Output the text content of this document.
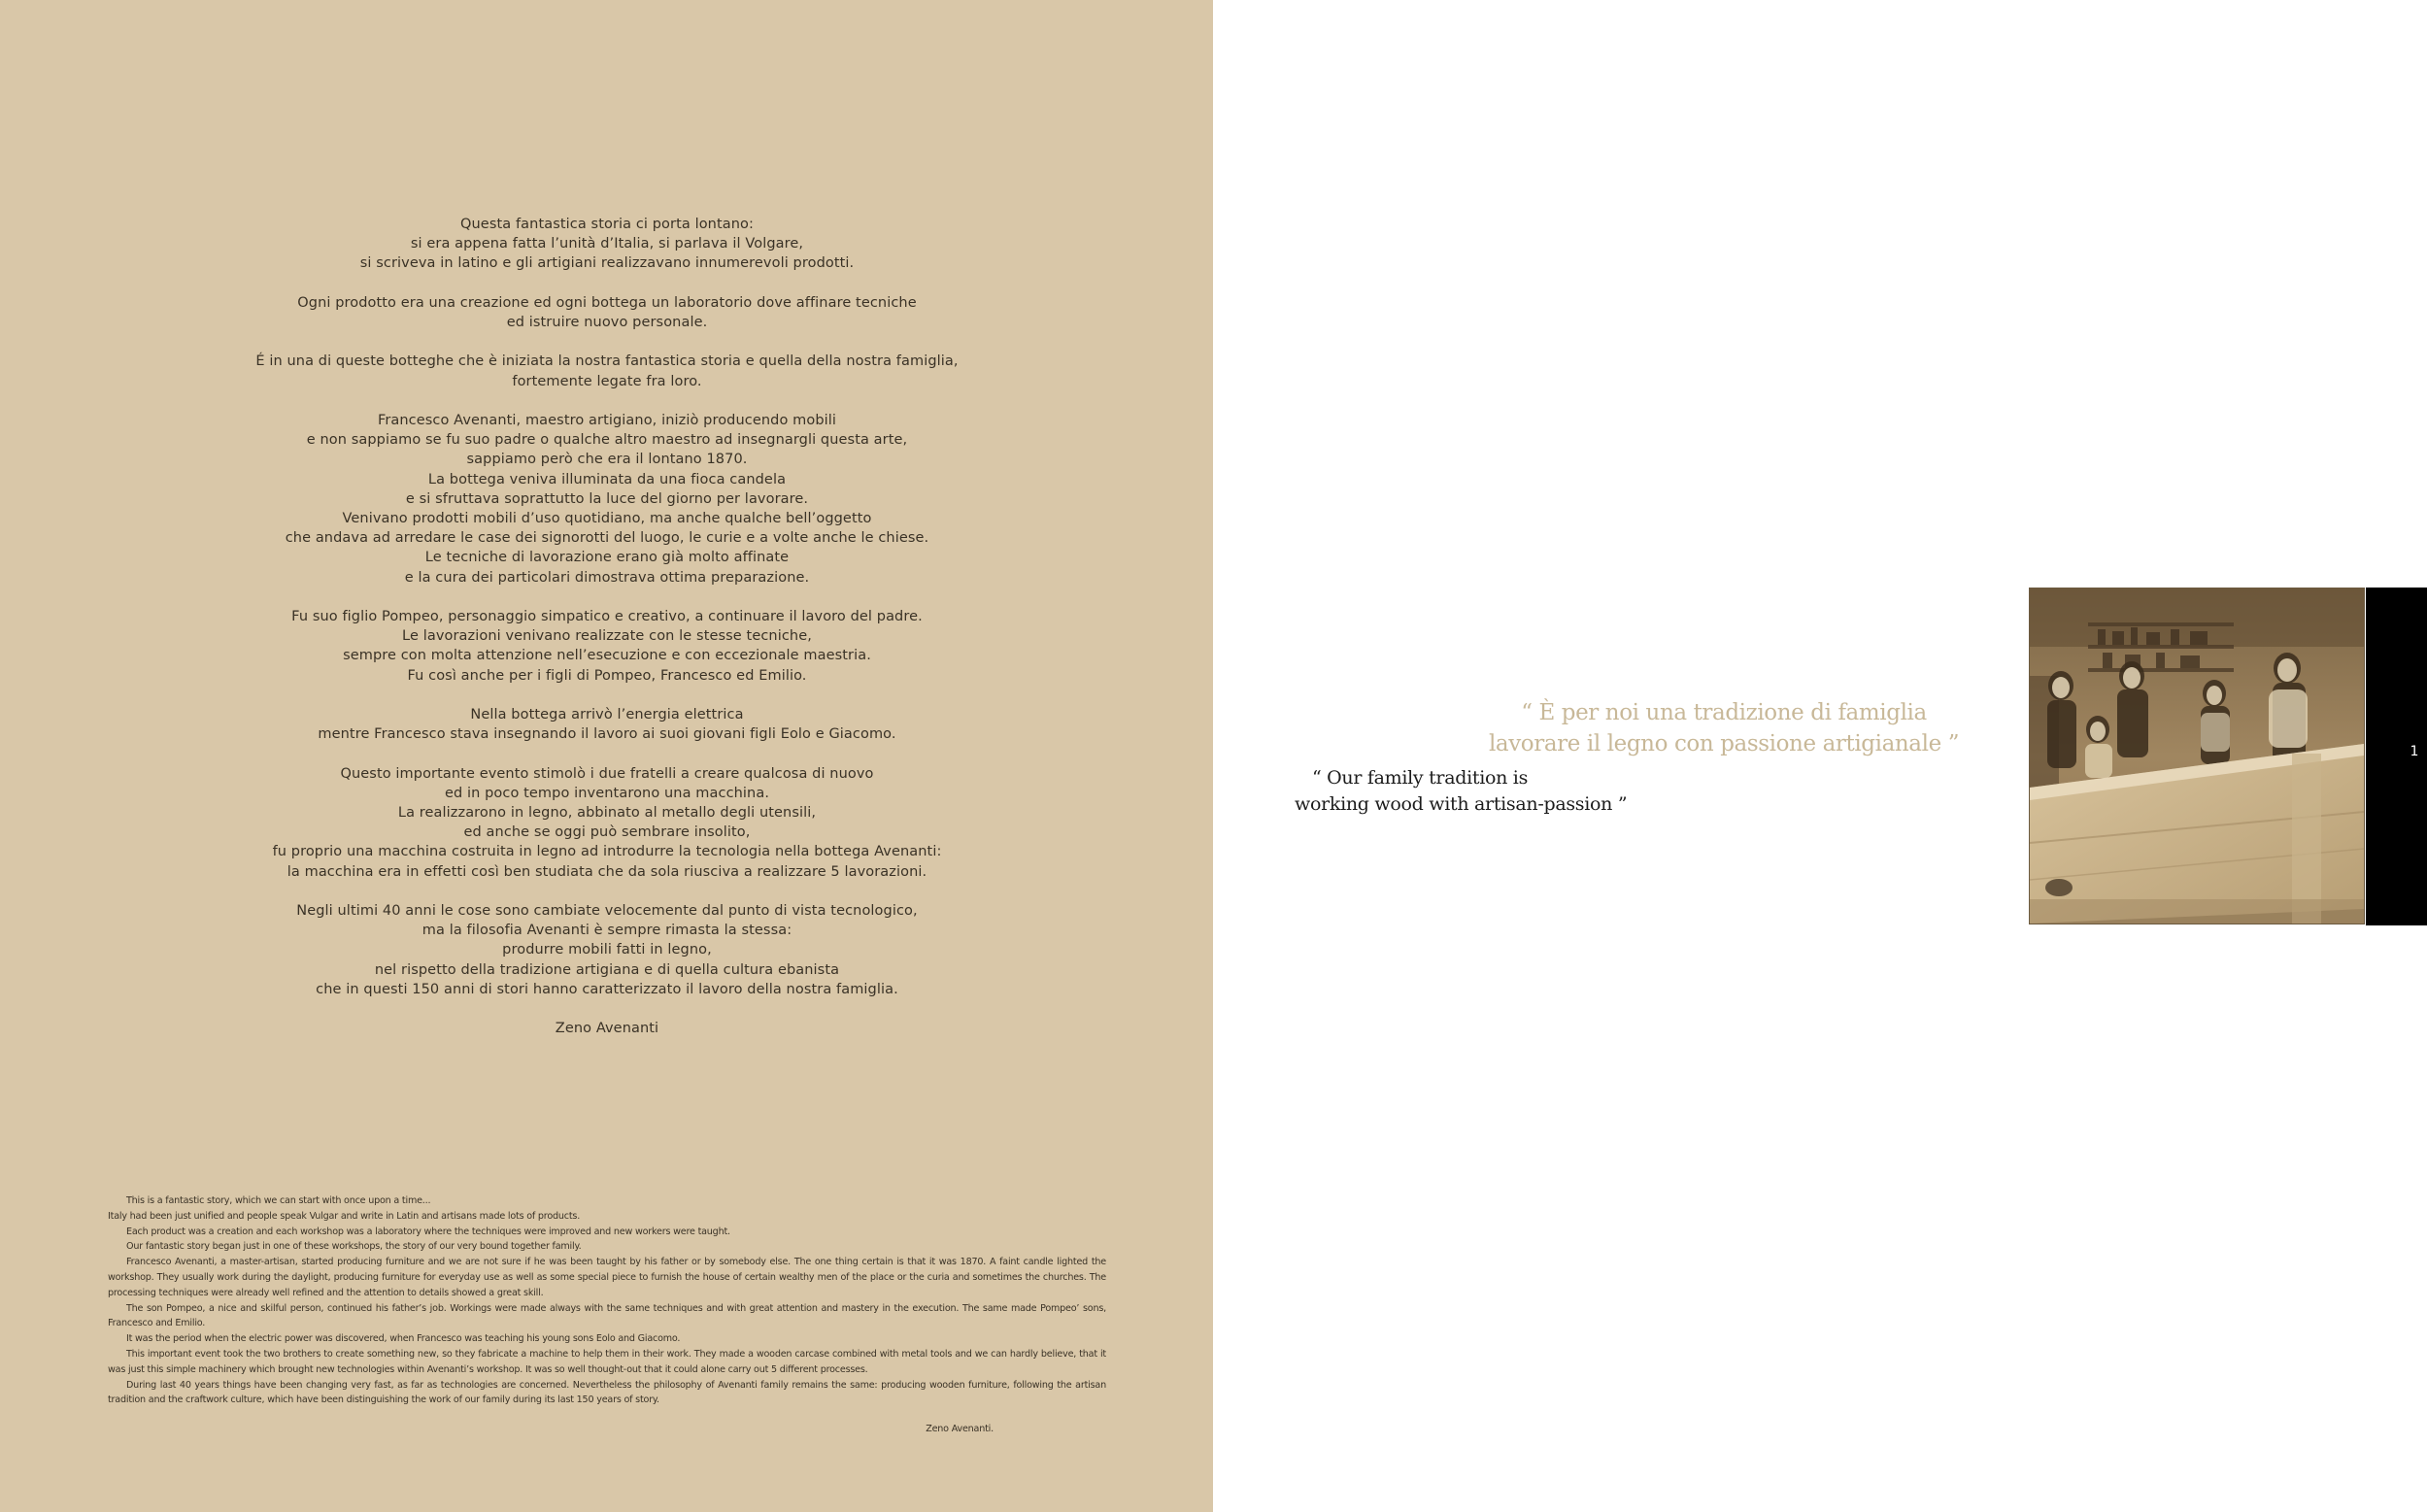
Questa fantastica storia ci porta lontano:
si era appena fatta l’unità d’Italia, si parlava il Volgare,
si scriveva in latino e gli artigiani realizzavano innumerevoli prodotti.
Ogni prodotto era una creazione ed ogni bottega un laboratorio dove affinare tecniche
ed istruire nuovo personale.
É in una di queste botteghe che è iniziata la nostra fantastica storia e quella della nostra famiglia,
fortemente legate fra loro.
Francesco Avenanti, maestro artigiano, iniziò producendo mobili
e non sappiamo se fu suo padre o qualche altro maestro ad insegnargli questa arte,
sappiamo però che era il lontano 1870.
La bottega veniva illuminata da una fioca candela
e si sfruttava soprattutto la luce del giorno per lavorare.
Venivano prodotti mobili d’uso quotidiano, ma anche qualche bell’oggetto
che andava ad arredare le case dei signorotti del luogo, le curie e a volte anche le chiese.
Le tecniche di lavorazione erano già molto affinate
e la cura dei particolari dimostrava ottima preparazione.
Fu suo figlio Pompeo, personaggio simpatico e creativo, a continuare il lavoro del padre.
Le lavorazioni venivano realizzate con le stesse tecniche,
sempre con molta attenzione nell’esecuzione e con eccezionale maestria.
Fu così anche per i figli di Pompeo, Francesco ed Emilio.
Nella bottega arrivò l’energia elettrica
mentre Francesco stava insegnando il lavoro ai suoi giovani figli Eolo e Giacomo.
Questo importante evento stimolò i due fratelli a creare qualcosa di nuovo
ed in poco tempo inventarono una macchina.
La realizzarono in legno, abbinato al metallo degli utensili,
ed anche se oggi può sembrare insolito,
fu proprio una macchina costruita in legno ad introdurre la tecnologia nella bottega Avenanti:
la macchina era in effetti così ben studiata che da sola riusciva a realizzare 5 lavorazioni.
Negli ultimi 40 anni le cose sono cambiate velocemente dal punto di vista tecnologico,
ma la filosofia Avenanti è sempre rimasta la stessa:
produrre mobili fatti in legno,
nel rispetto della tradizione artigiana e di quella cultura ebanista
che in questi 150 anni di stori hanno caratterizzato il lavoro della nostra famiglia.
Zeno Avenanti

This is a fantastic story, which we can start with once upon a time...

Italy had been just unified and people speak Vulgar and write in Latin and artisans made lots of products.

Each product was a creation and each workshop was a laboratory where the techniques were improved and new workers were taught.

Our fantastic story began just in one of these workshops, the story of our very bound together family.

Francesco Avenanti, a master-artisan, started producing furniture and we are not sure if he was been taught by his father or by somebody else. The one thing certain is that it was 1870. A faint candle lighted the workshop. They usually work during the daylight, producing furniture for everyday use as well as some special piece to furnish the house of certain wealthy men of the place or the curia and sometimes the churches. The processing techniques were already well refined and the attention to details showed a great skill.

The son Pompeo, a nice and skilful person, continued his father’s job. Workings were made always with the same techniques and with great attention and mastery in the execution. The same made Pompeo’ sons, Francesco and Emilio.

It was the period when the electric power was discovered, when Francesco was teaching his young sons Eolo and Giacomo.

This important event took the two brothers to create something new, so they fabricate a machine to help them in their work. They made a wooden carcase combined with metal tools and we can hardly believe, that it was just this simple machinery which brought new technologies within Avenanti’s workshop. It was so well thought-out that it could alone carry out 5 different processes.

During last 40 years things have been changing very fast, as far as technologies are concerned. Nevertheless the philosophy of Avenanti family remains the same: producing wooden furniture, following the artisan tradition and the craftwork culture, which have been distinguishing the work of our family during its last 150 years of story.

Zeno Avenanti.

“ È per noi una tradizione di famiglia
lavorare il legno con passione artigianale ”
“ Our family tradition is
working wood with artisan-passion ”
1
